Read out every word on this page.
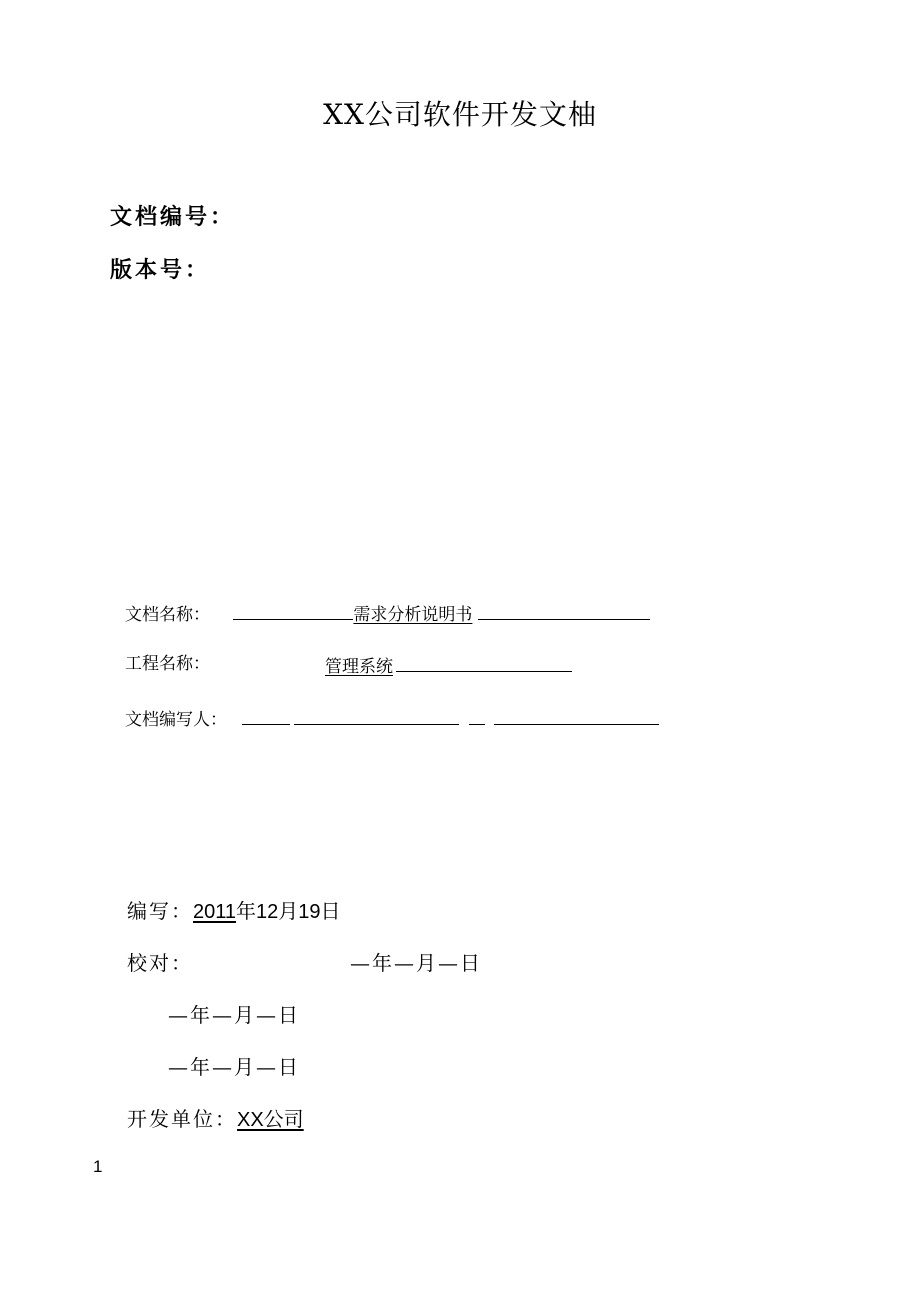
XX公司软件开发文柚
文档编号：
版本号：
文档名称：	需求分析说明书
工程名称：	管理系统
文档编写人：
编写：2011年12月19日
校对：	—年—月—日
—年—月—日
—年—月—日
开发单位：XX公司
1
